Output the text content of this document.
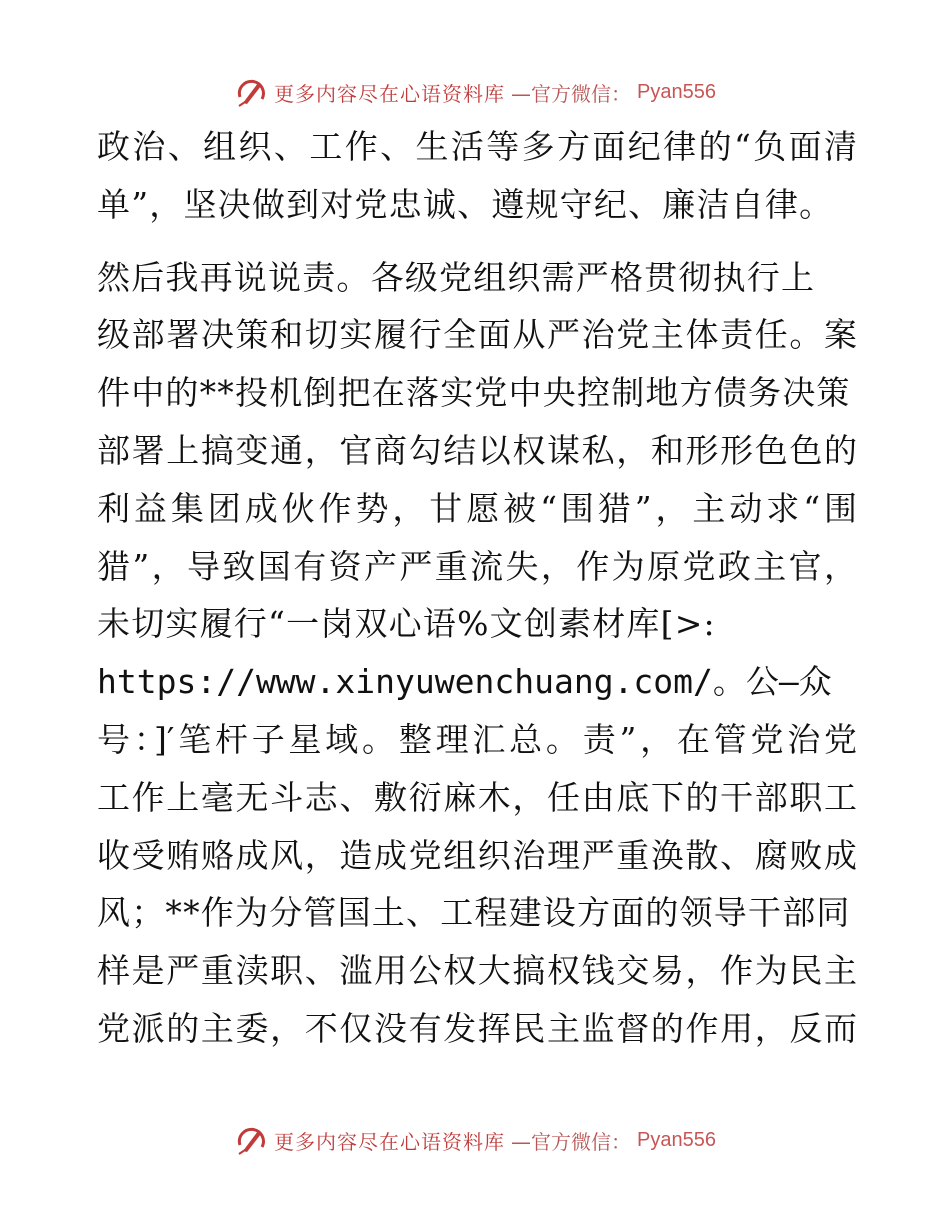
更多内容尽在心语资料库 —官方微信： Pyan556
政治、组织、工作、生活等多方面纪律的“负面清
单”，坚决做到对党忠诚、遵规守纪、廉洁自律。
然后我再说说责。各级党组织需严格贯彻执行上
级部署决策和切实履行全面从严治党主体责任。案
件中的**投机倒把在落实党中央控制地方债务决策
部署上搞变通，官商勾结以权谋私，和形形色色的
利益集团成伙作势，甘愿被“围猎”，主动求“围
猎”，导致国有资产严重流失，作为原党政主官，
未切实履行“一岗双心语%文创素材库[>:
https://www.xinyuwenchuang.com/。公—众
号：]′笔杆子星域。整理汇总。责”，在管党治党
工作上毫无斗志、敷衍麻木，任由底下的干部职工
收受贿赂成风，造成党组织治理严重涣散、腐败成
风；**作为分管国土、工程建设方面的领导干部同
样是严重渎职、滥用公权大搞权钱交易，作为民主
党派的主委，不仅没有发挥民主监督的作用，反而
更多内容尽在心语资料库 —官方微信： Pyan556
